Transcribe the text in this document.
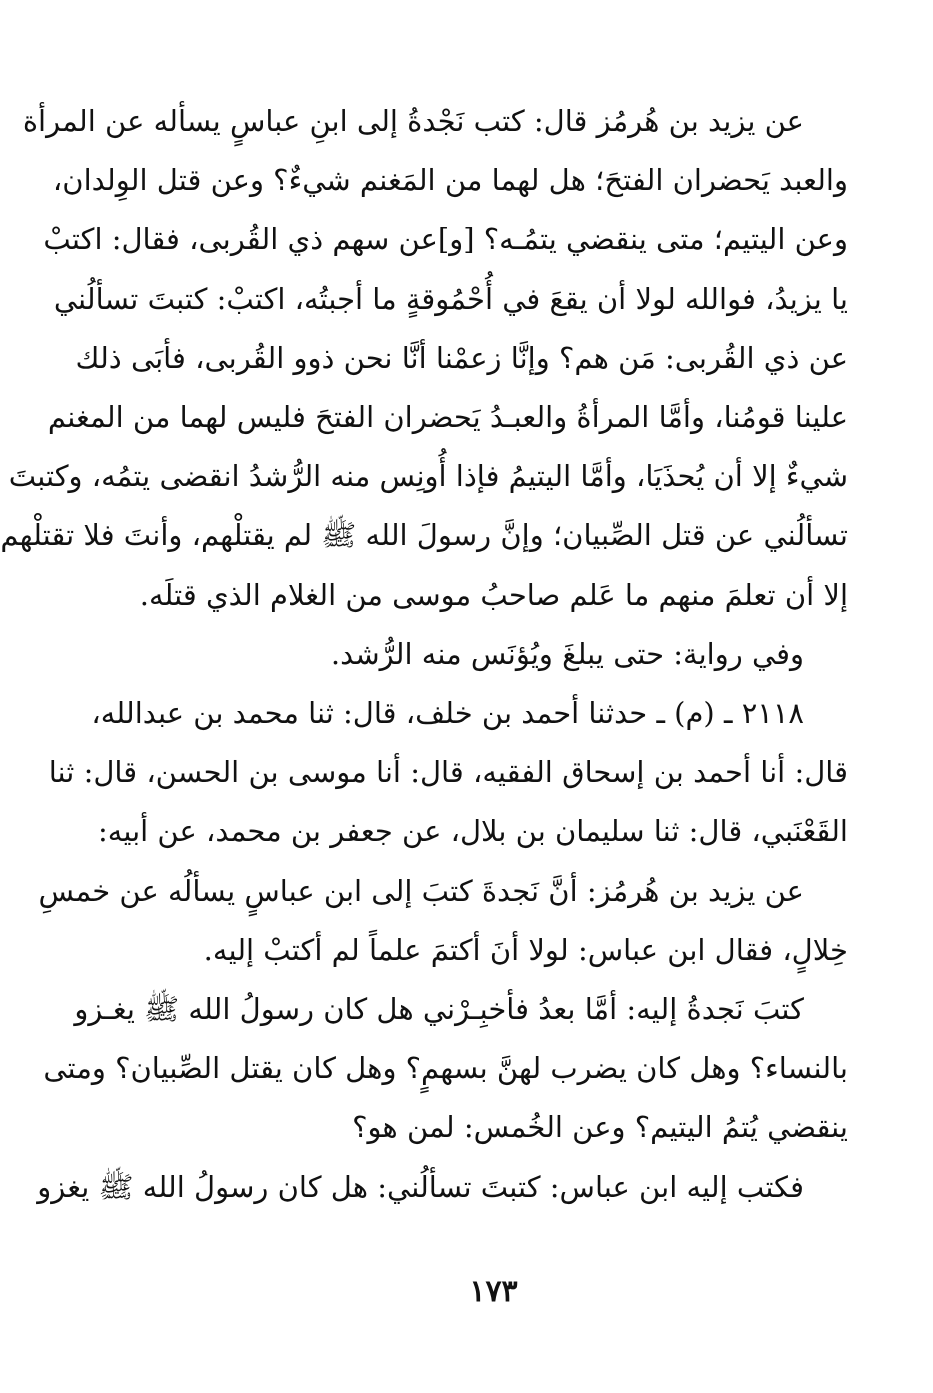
عن يزيد بن هُرمُز قال: كتب نَجْدةُ إلى ابنِ عباسٍ يسأله عن المرأة
والعبد يَحضران الفتحَ؛ هل لهما من المَغنم شيءٌ؟ وعن قتل الوِلدان،
وعن اليتيم؛ متى ينقضي يتمُـه؟ [و]عن سهم ذي القُربى، فقال: اكتبْ
يا يزيدُ، فوالله لولا أن يقعَ في أُحْمُوقةٍ ما أجبتُه، اكتبْ: كتبتَ تسألُني
عن ذي القُربى: مَن هم؟ وإنَّا زعمْنا أنَّا نحن ذوو القُربى، فأبَى ذلك
علينا قومُنا، وأمَّا المرأةُ والعبـدُ يَحضران الفتحَ فليس لهما من المغنم
شيءٌ إلا أن يُحذَيَا، وأمَّا اليتيمُ فإذا أُونِس منه الرُّشدُ انقضى يتمُه، وكتبتَ
تسألُني عن قتل الصِّبيان؛ وإنَّ رسولَ الله ﷺ لم يقتلْهم، وأنتَ فلا تقتلْهم
إلا أن تعلمَ منهم ما عَلم صاحبُ موسى من الغلام الذي قتلَه.

وفي رواية: حتى يبلغَ ويُؤنَس منه الرُّشد.

٢١١٨ ـ (م) ـ حدثنا أحمد بن خلف، قال: ثنا محمد بن عبدالله،
قال: أنا أحمد بن إسحاق الفقيه، قال: أنا موسى بن الحسن، قال: ثنا
القَعْنَبي، قال: ثنا سليمان بن بلال، عن جعفر بن محمد، عن أبيه:

عن يزيد بن هُرمُز: أنَّ نَجدةَ كتبَ إلى ابن عباسٍ يسألُه عن خمسِ
خِلالٍ، فقال ابن عباس: لولا أنَ أكتمَ علماً لم أكتبْ إليه.

كتبَ نَجدةُ إليه: أمَّا بعدُ فأخبِـرْني هل كان رسولُ الله ﷺ يغـزو
بالنساء؟ وهل كان يضرب لهنَّ بسهمٍ؟ وهل كان يقتل الصِّبيان؟ ومتى
ينقضي يُتمُ اليتيم؟ وعن الخُمس: لمن هو؟

فكتب إليه ابن عباس: كتبتَ تسألُني: هل كان رسولُ الله ﷺ يغزو

١٧٣
